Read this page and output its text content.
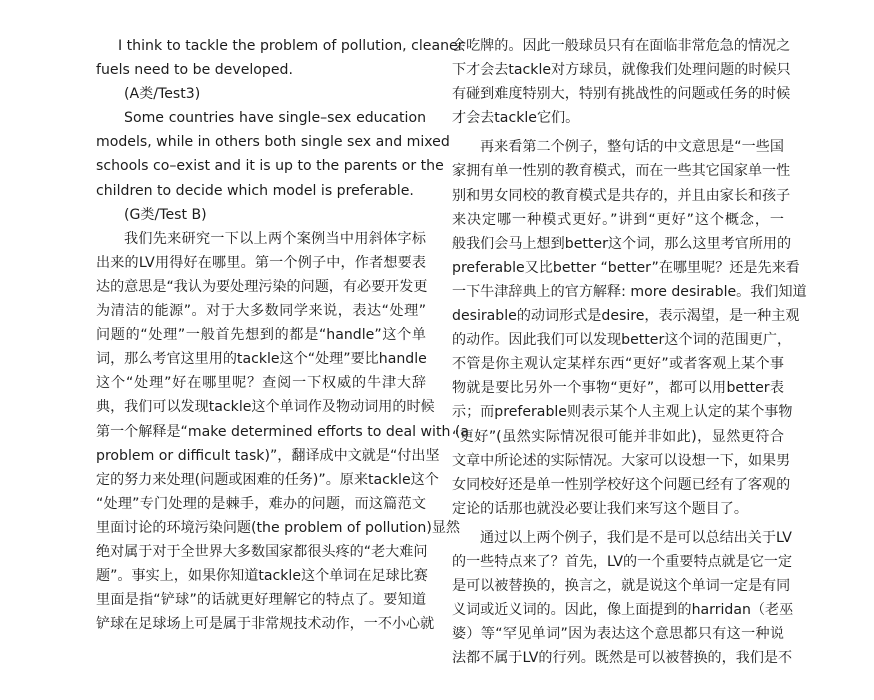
I think to tackle the problem of pollution, cleaner
fuels need to be developed.
(A类/Test3)
Some countries have single–sex education
models, while in others both single sex and mixed
schools co–exist and it is up to the parents or the
children to decide which model is preferable.
(G类/Test B)
我们先来研究一下以上两个案例当中用斜体字标
出来的LV用得好在哪里。第一个例子中，作者想要表
达的意思是“我认为要处理污染的问题，有必要开发更
为清洁的能源”。对于大多数同学来说，表达“处理”
问题的“处理”一般首先想到的都是“handle”这个单
词，那么考官这里用的tackle这个“处理”要比handle
这个“处理”好在哪里呢？查阅一下权威的牛津大辞
典，我们可以发现tackle这个单词作及物动词用的时候
第一个解释是“make determined efforts to deal with (a
problem or difficult task)”，翻译成中文就是“付出坚
定的努力来处理(问题或困难的任务)”。原来tackle这个
“处理”专门处理的是棘手，难办的问题，而这篇范文
里面讨论的环境污染问题(the problem of pollution)显然
绝对属于对于全世界大多数国家都很头疼的“老大难问
题”。事实上，如果你知道tackle这个单词在足球比赛
里面是指“铲球”的话就更好理解它的特点了。要知道
铲球在足球场上可是属于非常规技术动作，一不小心就
会吃牌的。因此一般球员只有在面临非常危急的情况之
下才会去tackle对方球员，就像我们处理问题的时候只
有碰到难度特别大，特别有挑战性的问题或任务的时候
才会去tackle它们。
再来看第二个例子，整句话的中文意思是“一些国
家拥有单一性别的教育模式，而在一些其它国家单一性
别和男女同校的教育模式是共存的，并且由家长和孩子
来决定哪一种模式更好。”讲到“更好”这个概念，一
般我们会马上想到better这个词，那么这里考官所用的
preferable又比better “better”在哪里呢？还是先来看
一下牛津辞典上的官方解释: more desirable。我们知道
desirable的动词形式是desire，表示渴望，是一种主观
的动作。因此我们可以发现better这个词的范围更广，
不管是你主观认定某样东西“更好”或者客观上某个事
物就是要比另外一个事物“更好”，都可以用better表
示；而preferable则表示某个人主观上认定的某个事物
“更好”(虽然实际情况很可能并非如此)，显然更符合
文章中所论述的实际情况。大家可以设想一下，如果男
女同校好还是单一性别学校好这个问题已经有了客观的
定论的话那也就没必要让我们来写这个题目了。
通过以上两个例子，我们是不是可以总结出关于LV
的一些特点来了？首先，LV的一个重要特点就是它一定
是可以被替换的，换言之，就是说这个单词一定是有同
义词或近义词的。因此，像上面提到的harridan（老巫
婆）等“罕见单词”因为表达这个意思都只有这一种说
法都不属于LV的行列。既然是可以被替换的，我们是不
